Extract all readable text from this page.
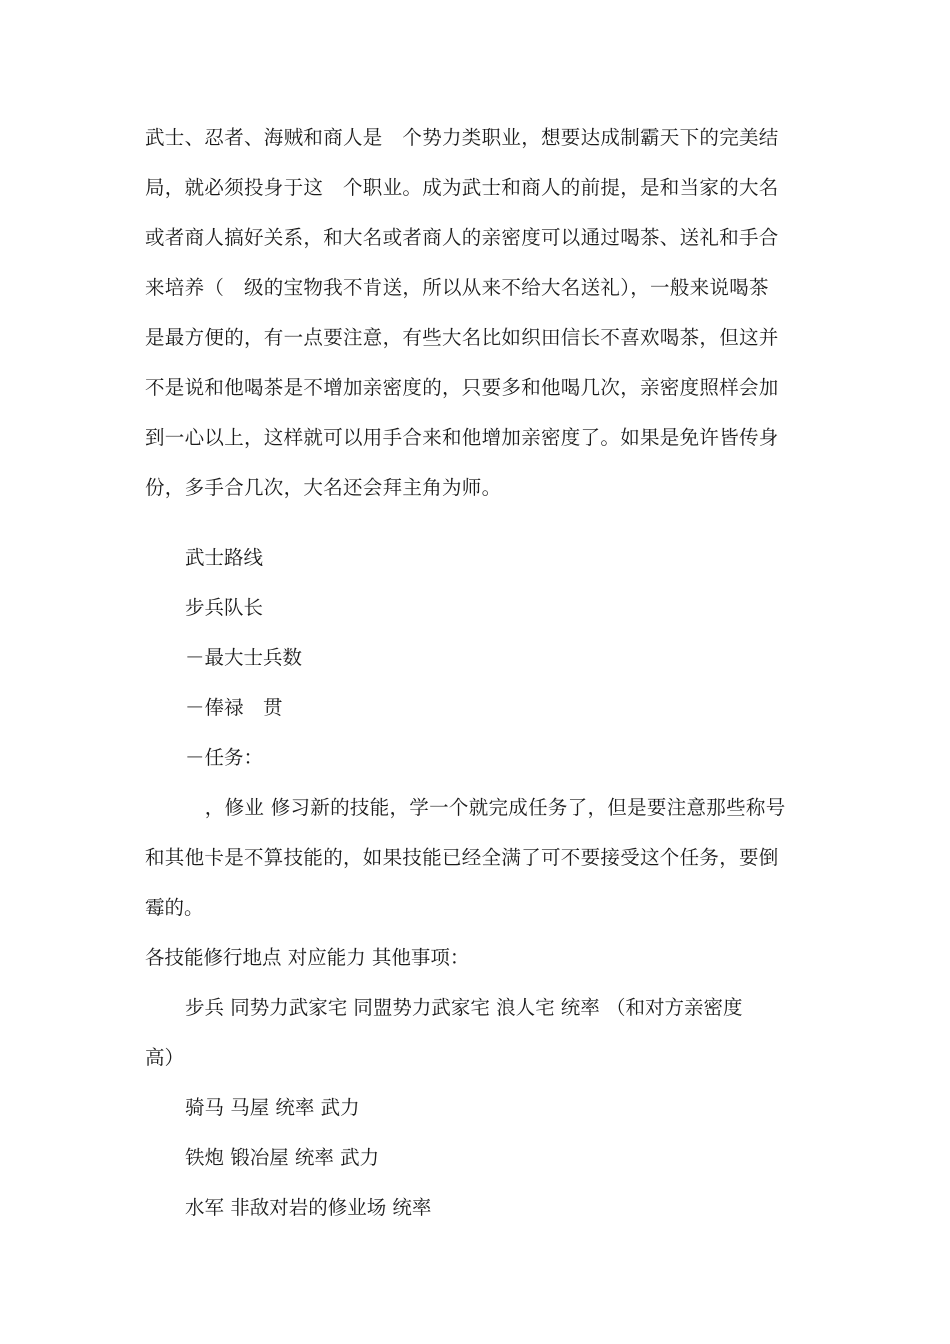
武士、忍者、海贼和商人是　个势力类职业，想要达成制霸天下的完美结
局，就必须投身于这　个职业。成为武士和商人的前提，是和当家的大名
或者商人搞好关系，和大名或者商人的亲密度可以通过喝茶、送礼和手合
来培养（　级的宝物我不肯送，所以从来不给大名送礼），一般来说喝茶
是最方便的，有一点要注意，有些大名比如织田信长不喜欢喝茶，但这并
不是说和他喝茶是不增加亲密度的，只要多和他喝几次，亲密度照样会加
到一心以上，这样就可以用手合来和他增加亲密度了。如果是免许皆传身
份，多手合几次，大名还会拜主角为师。
武士路线
步兵队长
－最大士兵数
－俸禄　贯
－任务：
　，修业 修习新的技能，学一个就完成任务了，但是要注意那些称号
和其他卡是不算技能的，如果技能已经全满了可不要接受这个任务，要倒
霉的。
各技能修行地点 对应能力 其他事项：
步兵 同势力武家宅 同盟势力武家宅 浪人宅 统率 （和对方亲密度
高）
骑马 马屋 统率 武力
铁炮 锻冶屋 统率 武力
水军 非敌对岩的修业场 统率
